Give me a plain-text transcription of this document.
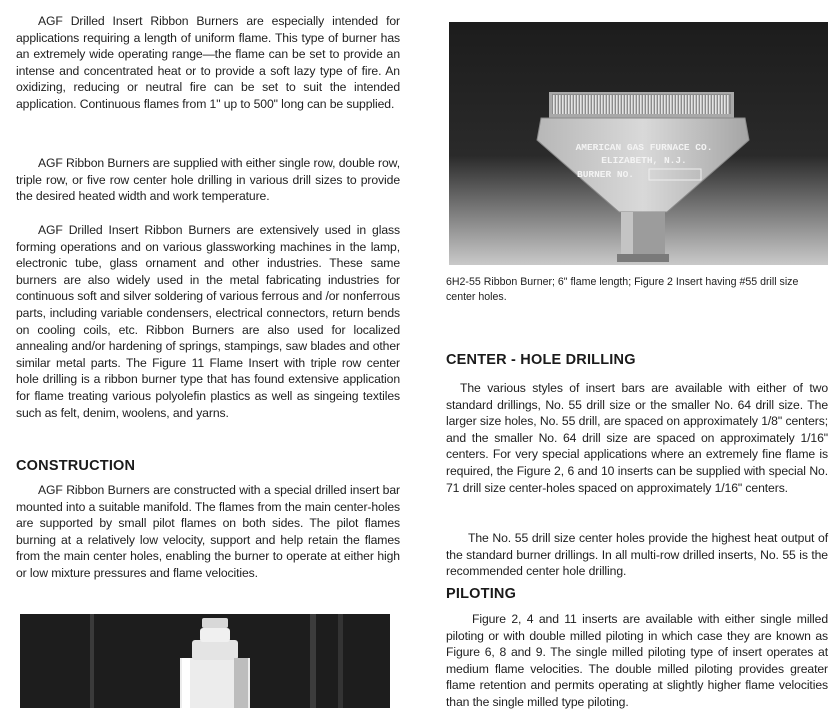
AGF Drilled Insert Ribbon Burners are especially intended for applications requiring a length of uniform flame. This type of burner has an extremely wide operating range—the flame can be set to provide an intense and concentrated heat or to provide a soft lazy type of fire. An oxidizing, reducing or neutral fire can be set to suit the intended application. Continuous flames from 1" up to 500" long can be supplied.

AGF Ribbon Burners are supplied with either single row, double row, triple row, or five row center hole drilling in various drill sizes to provide the desired heated width and work temperature.

AGF Drilled Insert Ribbon Burners are extensively used in glass forming operations and on various glassworking machines in the lamp, electronic tube, glass ornament and other industries. These same burners are also widely used in the metal fabricating industries for continuous soft and silver soldering of various ferrous and /or nonferrous parts, including variable condensers, electrical connectors, return bends on cooling coils, etc. Ribbon Burners are also used for localized annealing and/or hardening of springs, stampings, saw blades and other similar metal parts. The Figure 11 Flame Insert with triple row center hole drilling is a ribbon burner type that has found extensive application for flame treating various polyolefin plastics as well as singeing textiles such as felt, denim, woolens, and yarns.

CONSTRUCTION

AGF Ribbon Burners are constructed with a special drilled insert bar mounted into a suitable manifold. The flames from the main center-holes are supported by small pilot flames on both sides. The pilot flames burning at a relatively low velocity, support and help retain the flames from the main center holes, enabling the burner to operate at either high or low mixture pressures and flame velocities.

AMERICAN GAS FURNACE CO.
ELIZABETH, N.J.
BURNER NO.

6H2-55 Ribbon Burner; 6" flame length; Figure 2 Insert having #55 drill size center holes.

CENTER - HOLE DRILLING

The various styles of insert bars are available with either of two standard drillings, No. 55 drill size or the smaller No. 64 drill size. The larger size holes, No. 55 drill, are spaced on approximately 1/8" centers; and the smaller No. 64 drill size are spaced on approximately 1/16" centers. For very special applications where an extremely fine flame is required, the Figure 2, 6 and 10 inserts can be supplied with special No. 71 drill size center-holes spaced on approximately 1/16" centers.

The No. 55 drill size center holes provide the highest heat output of the standard burner drillings. In all multi-row drilled inserts, No. 55 is the recommended center hole drilling.

PILOTING

Figure 2, 4 and 11 inserts are available with either single milled piloting or with double milled piloting in which case they are known as Figure 6, 8 and 9. The single milled piloting type of insert operates at medium flame velocities. The double milled piloting provides greater flame retention and permits operating at slightly higher flame velocities than the single milled type piloting.
